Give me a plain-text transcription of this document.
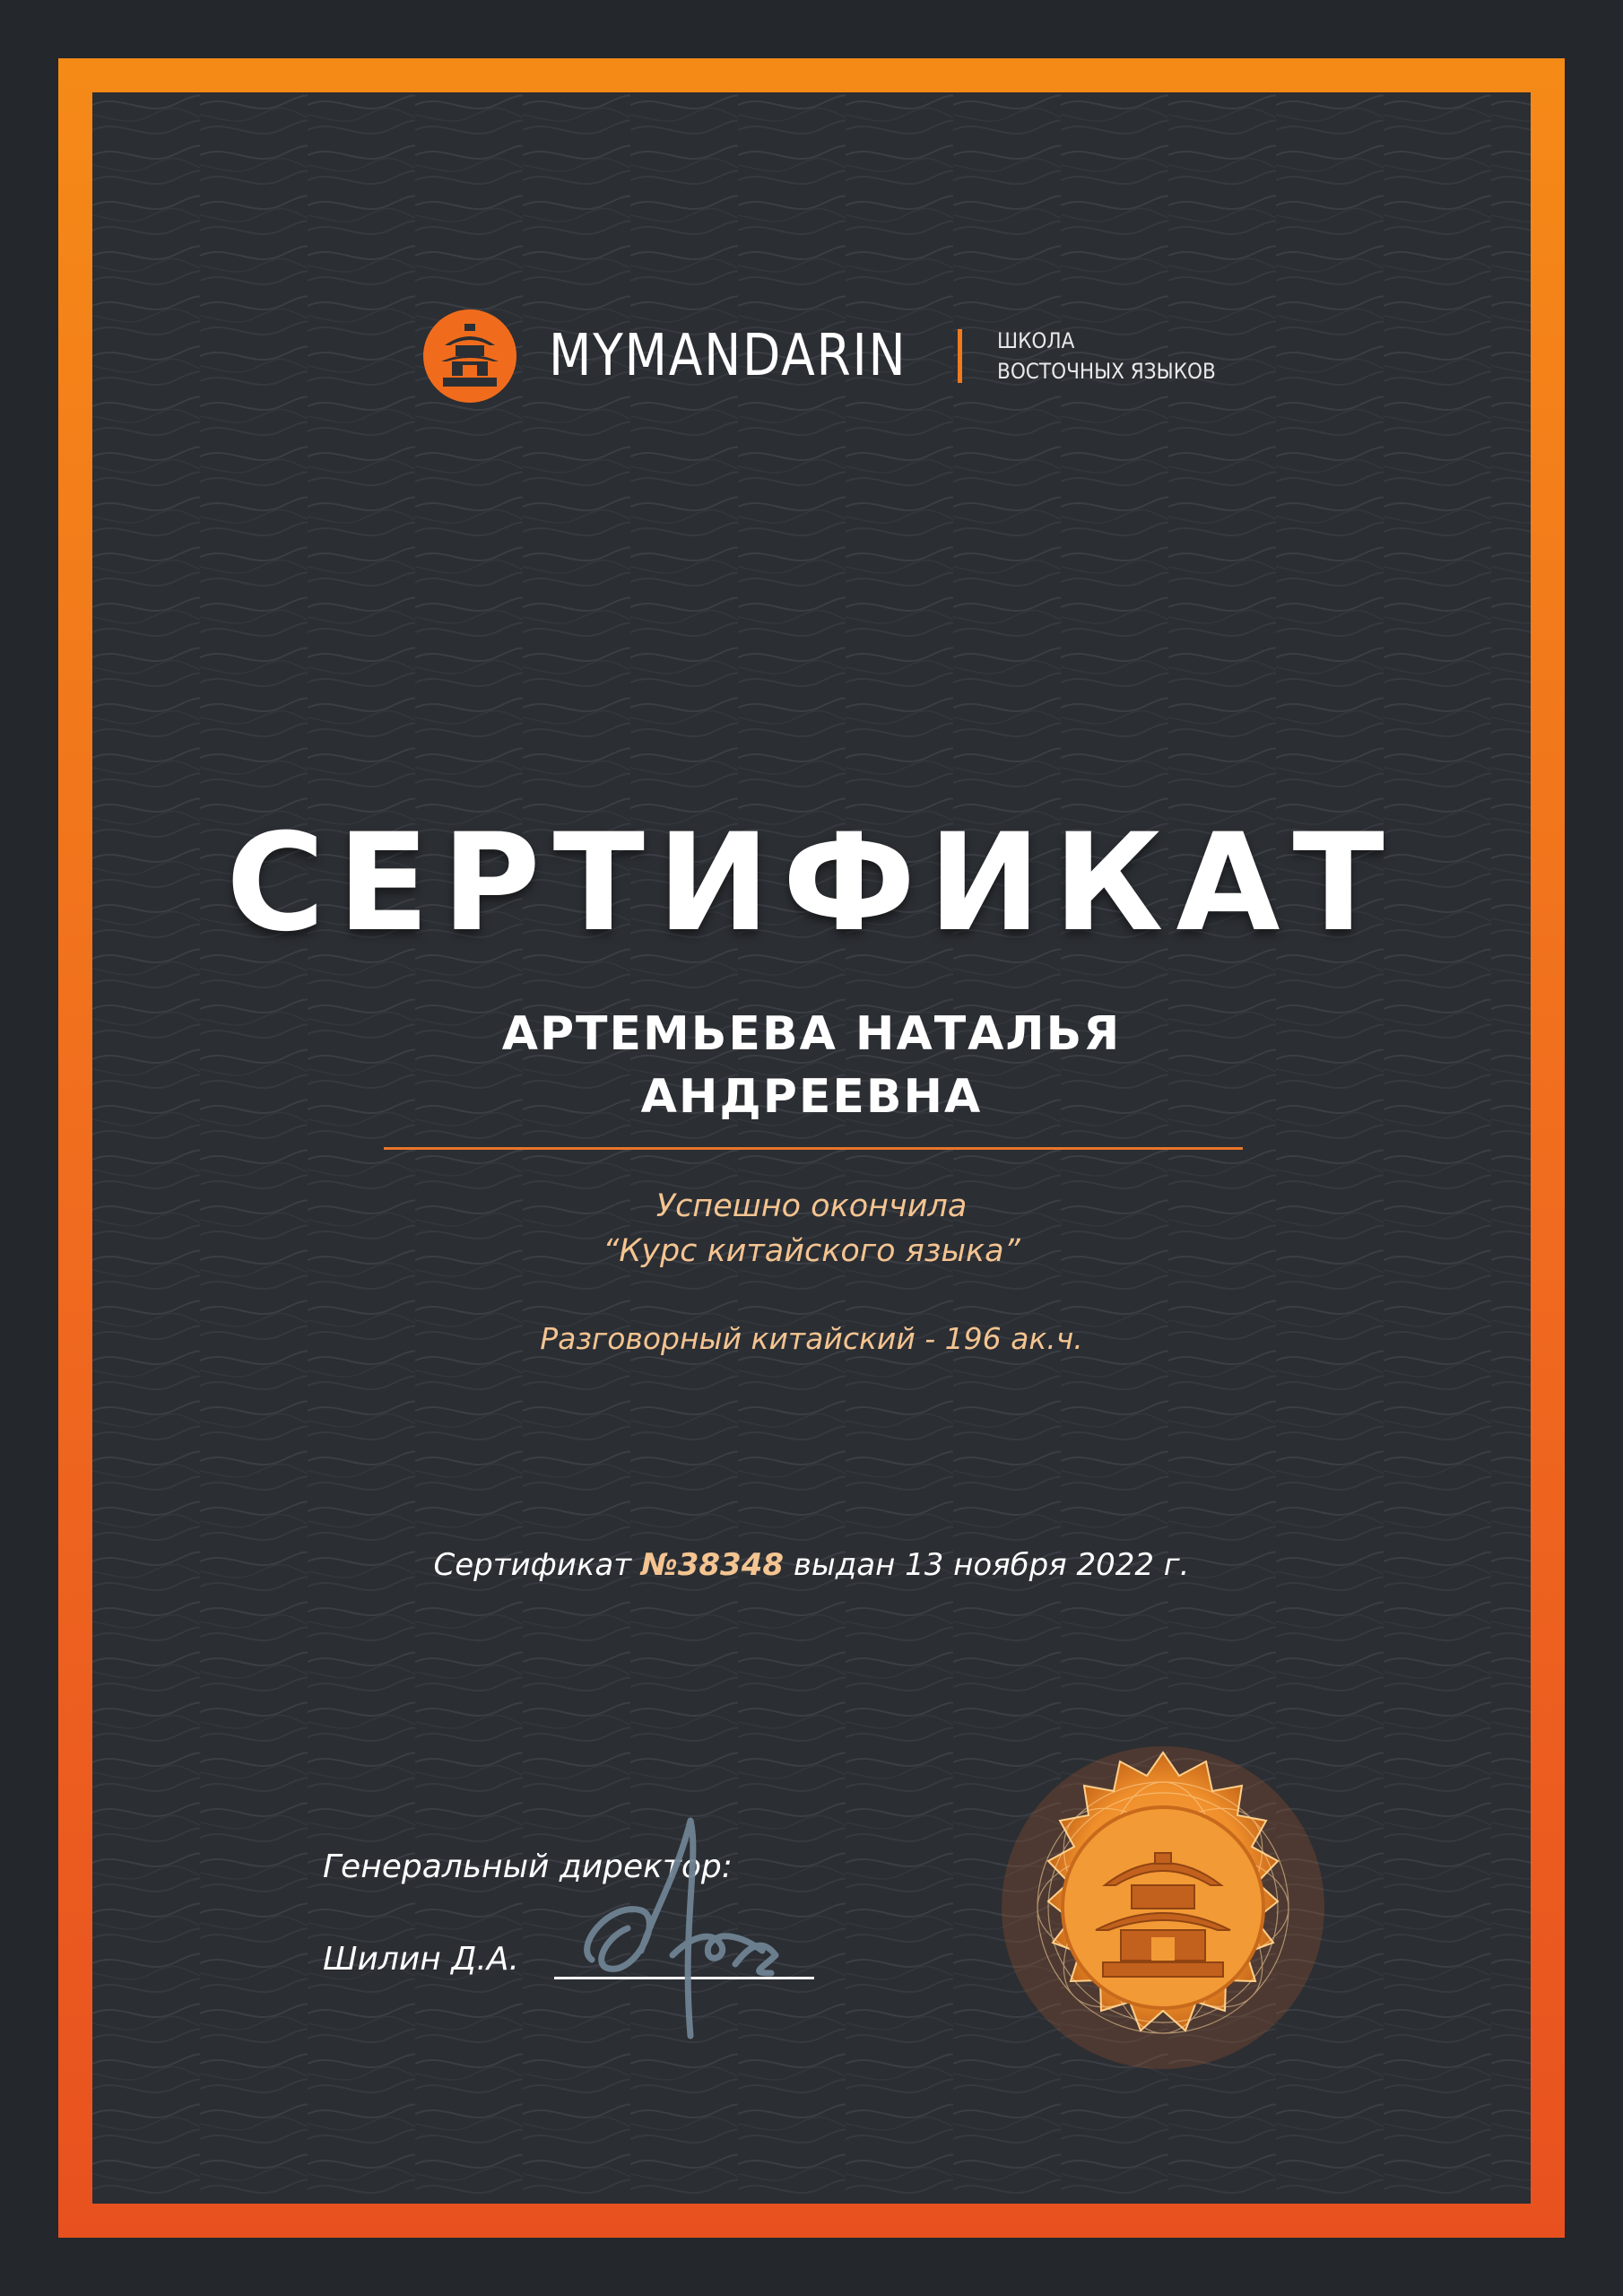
MYMANDARIN	ШКОЛА
ВОСТОЧНЫХ ЯЗЫКОВ
СЕРТИФИКАТ
АРТЕМЬЕВА НАТАЛЬЯ
АНДРЕЕВНА
Успешно окончила
“Курс китайского языка”
Разговорный китайский - 196 ак.ч.
Сертификат №38348 выдан 13 ноября 2022 г.
Генеральный директор:
Шилин Д.А.
